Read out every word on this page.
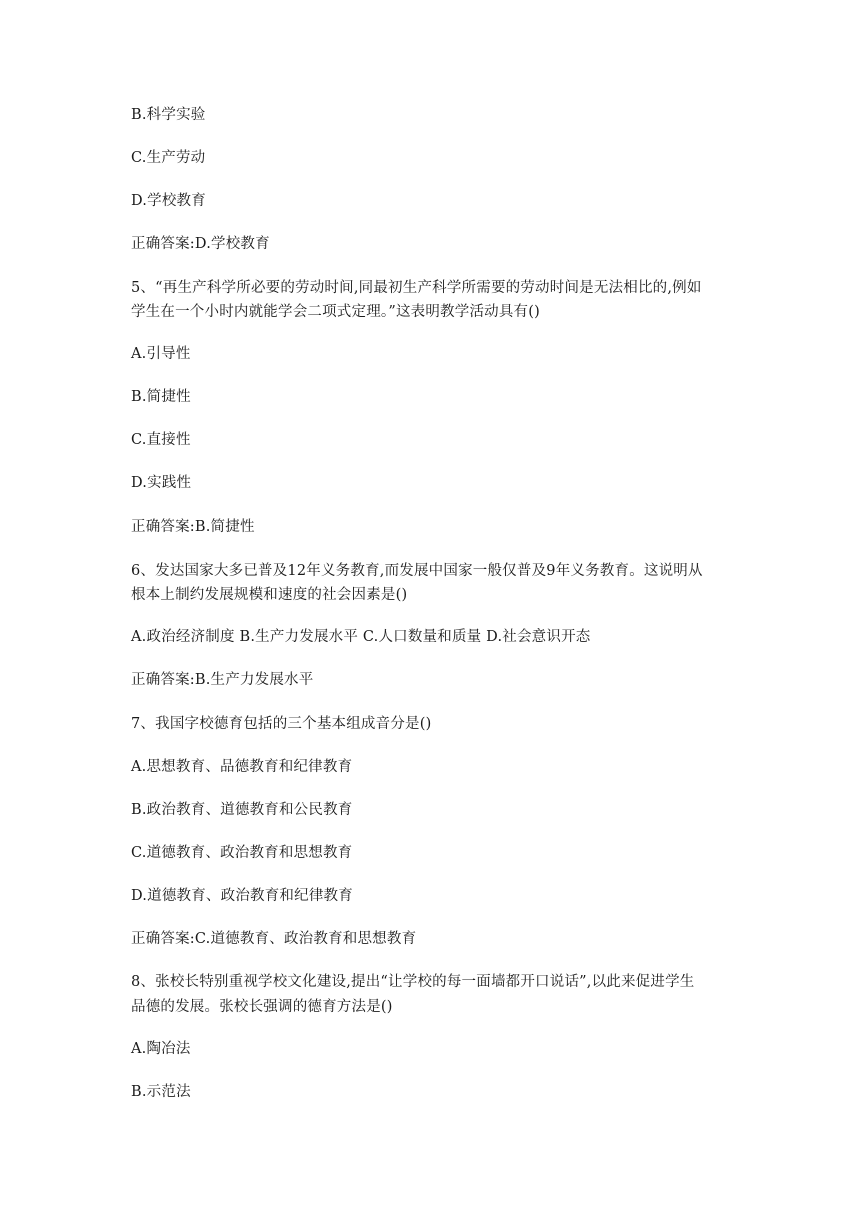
B.科学实验
C.生产劳动
D.学校教育
正确答案:D.学校教育
5、“再生产科学所必要的劳动时间,同最初生产科学所需要的劳动时间是无法相比的,例如
学生在一个小时内就能学会二项式定理。”这表明教学活动具有()
A.引导性
B.简捷性
C.直接性
D.实践性
正确答案:B.简捷性
6、发达国家大多已普及12年义务教育,而发展中国家一般仅普及9年义务教育。这说明从
根本上制约发展规模和速度的社会因素是()
A.政治经济制度 B.生产力发展水平 C.人口数量和质量 D.社会意识开态
正确答案:B.生产力发展水平
7、我国字校德育包括的三个基本组成音分是()
A.思想教育、品德教育和纪律教育
B.政治教育、道德教育和公民教育
C.道德教育、政治教育和思想教育
D.道德教育、政治教育和纪律教育
正确答案:C.道德教育、政治教育和思想教育
8、张校长特别重视学校文化建设,提出“让学校的每一面墙都开口说话”,以此来促进学生
品德的发展。张校长强调的德育方法是()
A.陶冶法
B.示范法
